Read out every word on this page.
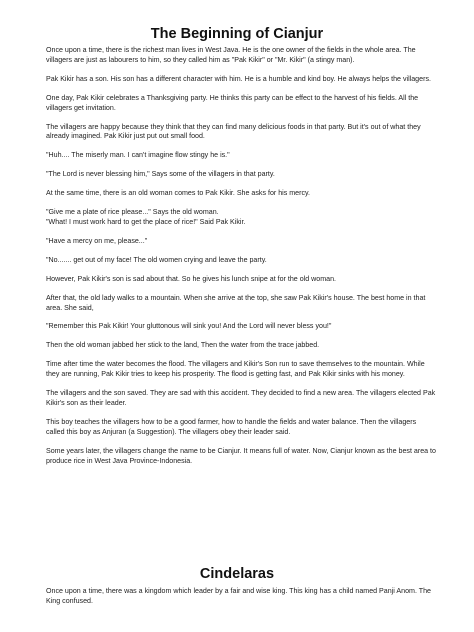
The Beginning of Cianjur

Once upon a time, there is the richest man lives in West Java. He is the one owner of the fields in the whole area. The villagers are just as labourers to him, so they called him as "Pak Kikir" or "Mr. Kikir" (a stingy man).

Pak Kikir has a son. His son has a different character with him. He is a humble and kind boy. He always helps the villagers.

One day, Pak Kikir celebrates a Thanksgiving party. He thinks this party can be effect to the harvest of his fields. All the villagers get invitation.

The villagers are happy because they think that they can find many delicious foods in that party. But it's out of what they already imagined. Pak Kikir just put out small food.

"Huh.... The miserly man. I can't imagine flow stingy he is."

"The Lord is never blessing him," Says some of the villagers in that party.

At the same time, there is an old woman comes to Pak Kikir. She asks for his mercy.

"Give me a plate of rice please..." Says the old woman.

"What! I must work hard to get the place of rice!" Said Pak Kikir.

"Have a mercy on me, please..."

"No....... get out of my face! The old women crying and leave the party.

However, Pak Kikir's son is sad about that. So he gives his lunch snipe at for the old woman.

After that, the old lady walks to a mountain. When she arrive at the top, she saw Pak Kikir's house. The best home in that area. She said,

"Remember this Pak Kikir! Your gluttonous will sink you! And the Lord will never bless you!"

Then the old woman jabbed her stick to the land, Then the water from the trace jabbed.

Time after time the water becomes the flood. The villagers and Kikir's Son run to save themselves to the mountain. While they are running, Pak Kikir tries to keep his prosperity. The flood is getting fast, and Pak Kikir sinks with his money.

The villagers and the son saved. They are sad with this accident. They decided to find a new area. The villagers elected Pak Kikir's son as their leader.

This boy teaches the villagers how to be a good farmer, how to handle the fields and water balance. Then the villagers called this boy as Anjuran (a Suggestion). The villagers obey their leader said.

Some years later, the villagers change the name to be Cianjur. It means full of water. Now, Cianjur known as the best area to produce rice in West Java Province-Indonesia.

Cindelaras

Once upon a time, there was a kingdom which leader by a fair and wise king. This king has a child named Panji Anom. The King confused.
